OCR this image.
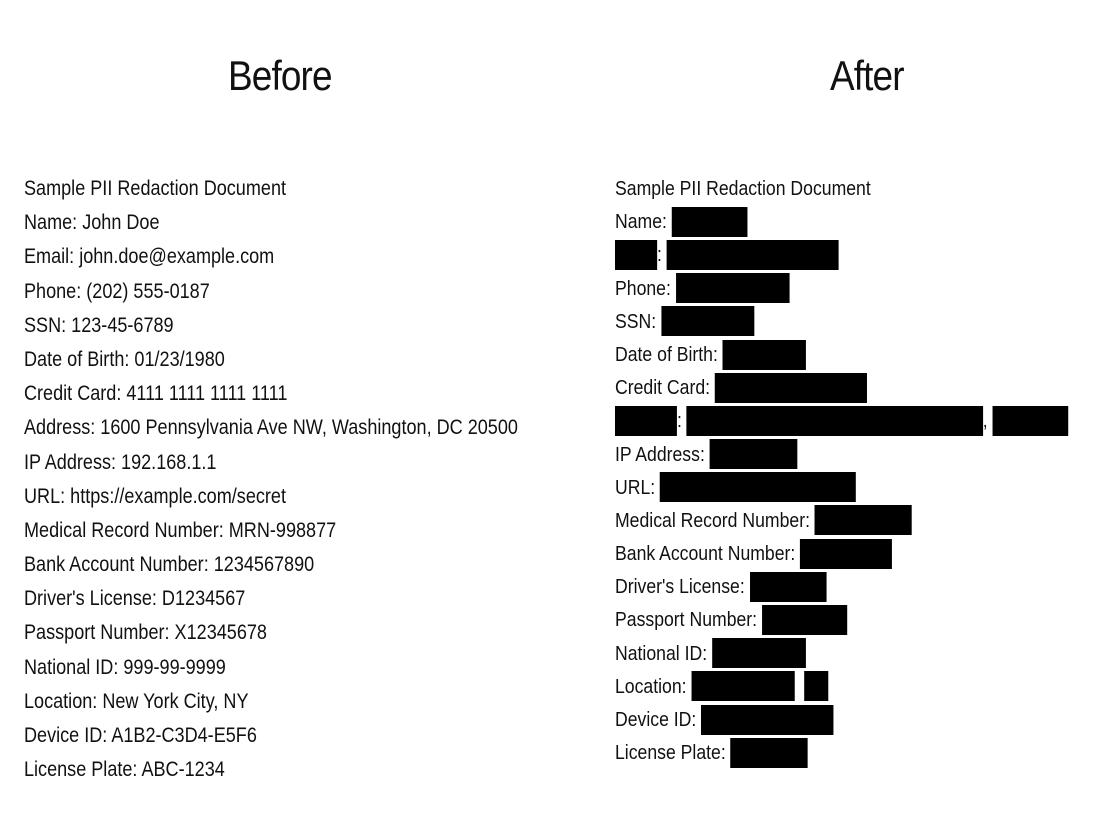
Before	After
Sample PII Redaction Document
Name: John Doe
Email: john.doe@example.com
Phone: (202) 555-0187
SSN: 123-45-6789
Date of Birth: 01/23/1980
Credit Card: 4111 1111 1111 1111
Address: 1600 Pennsylvania Ave NW, Washington, DC 20500
IP Address: 192.168.1.1
URL: https://example.com/secret
Medical Record Number: MRN-998877
Bank Account Number: 1234567890
Driver's License: D1234567
Passport Number: X12345678
National ID: 999-99-9999
Location: New York City, NY
Device ID: A1B2-C3D4-E5F6
License Plate: ABC-1234
Sample PII Redaction Document
Name:
:
Phone:
SSN:
Date of Birth:
Credit Card:
:	,
IP Address:
URL:
Medical Record Number:
Bank Account Number:
Driver's License:
Passport Number:
National ID:
Location:
Device ID:
License Plate:
